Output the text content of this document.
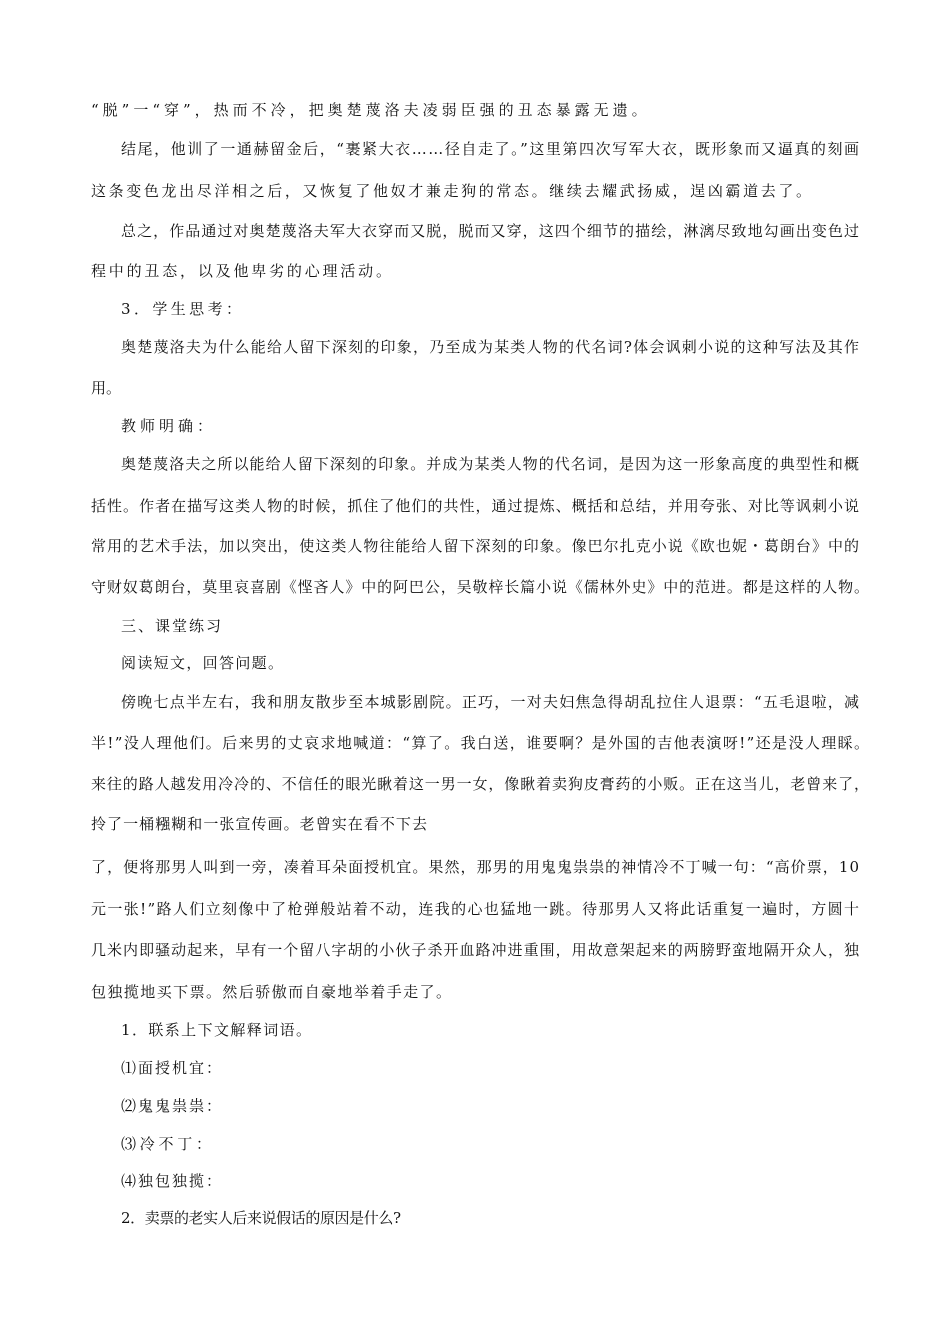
“脱”一“穿”，热而不冷，把奥楚蔑洛夫凌弱臣强的丑态暴露无遗。
结尾，他训了一通赫留金后，“裹紧大衣……径自走了。”这里第四次写军大衣，既形象而又逼真的刻画
这条变色龙出尽洋相之后，又恢复了他奴才兼走狗的常态。继续去耀武扬威，逞凶霸道去了。
总之，作品通过对奥楚蔑洛夫军大衣穿而又脱，脱而又穿，这四个细节的描绘，淋漓尽致地勾画出变色过
程中的丑态，以及他卑劣的心理活动。
3．学生思考：
奥楚蔑洛夫为什么能给人留下深刻的印象，乃至成为某类人物的代名词?体会讽刺小说的这种写法及其作
用。
教师明确：
奥楚蔑洛夫之所以能给人留下深刻的印象。并成为某类人物的代名词，是因为这一形象高度的典型性和概
括性。作者在描写这类人物的时候，抓住了他们的共性，通过提炼、概括和总结，并用夸张、对比等讽刺小说
常用的艺术手法，加以突出，使这类人物往能给人留下深刻的印象。像巴尔扎克小说《欧也妮・葛朗台》中的
守财奴葛朗台，莫里哀喜剧《悭吝人》中的阿巴公，吴敬梓长篇小说《儒林外史》中的范进。都是这样的人物。
三、课堂练习
阅读短文，回答问题。
傍晚七点半左右，我和朋友散步至本城影剧院。正巧，一对夫妇焦急得胡乱拉住人退票：“五毛退啦，减
半!”没人理他们。后来男的丈哀求地喊道：“算了。我白送，谁要啊？是外国的吉他表演呀!”还是没人理睬。
来往的路人越发用冷冷的、不信任的眼光瞅着这一男一女，像瞅着卖狗皮膏药的小贩。正在这当儿，老曾来了，
拎了一桶糨糊和一张宣传画。老曾实在看不下去
了，便将那男人叫到一旁，凑着耳朵面授机宜。果然，那男的用鬼鬼祟祟的神情冷不丁喊一句：“高价票，10
元一张!”路人们立刻像中了枪弹般站着不动，连我的心也猛地一跳。待那男人又将此话重复一遍时，方圆十
几米内即骚动起来，早有一个留八字胡的小伙子杀开血路冲进重围，用故意架起来的两膀野蛮地隔开众人，独
包独揽地买下票。然后骄傲而自豪地举着手走了。
1．联系上下文解释词语。
⑴面授机宜：
⑵鬼鬼祟祟：
⑶冷不丁：
⑷独包独揽：
2．卖票的老实人后来说假话的原因是什么?
